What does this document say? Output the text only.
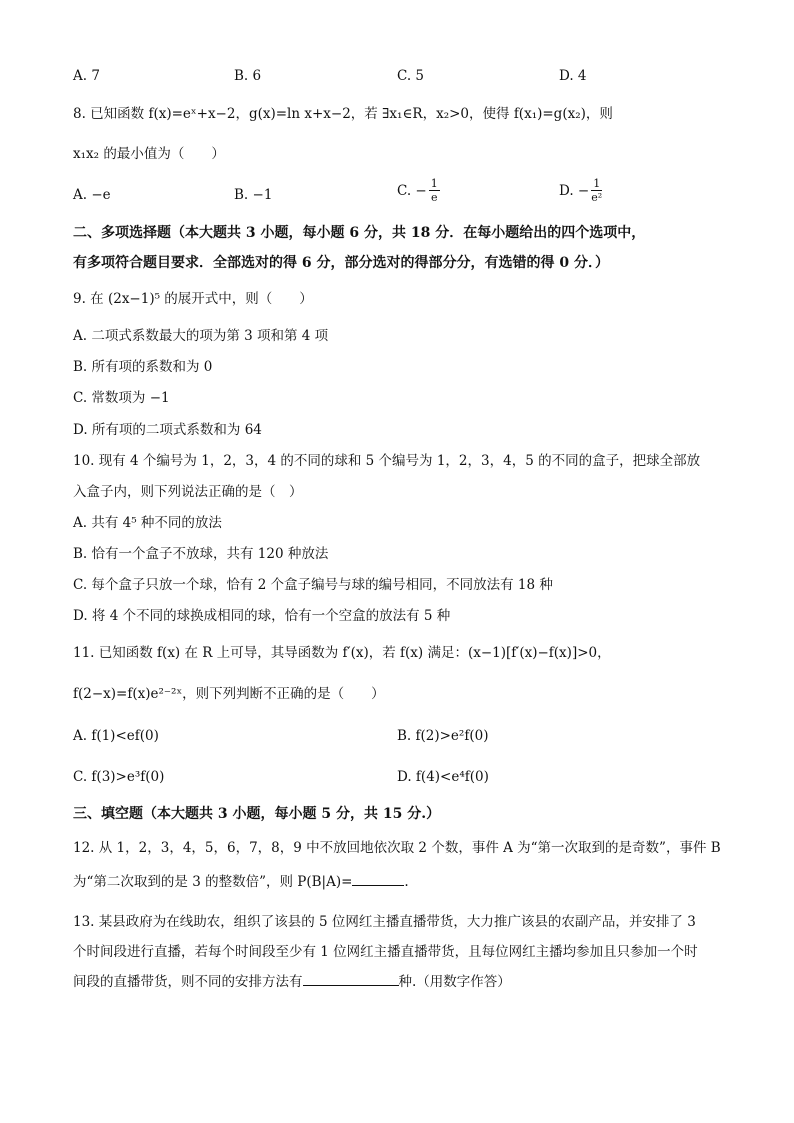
A. 7	B. 6	C. 5	D. 4
8. 已知函数 f(x)=eˣ+x−2，g(x)=ln x+x−2，若 ∃x₁∈R，x₂>0，使得 f(x₁)=g(x₂)，则
x₁x₂ 的最小值为（　　）
A. −e	B. −1	C. − $\frac{1}{e}$	D. − $\frac{1}{\text{e²}}$
二、多项选择题（本大题共 3 小题，每小题 6 分，共 18 分．在每小题给出的四个选项中，
有多项符合题目要求．全部选对的得 6 分，部分选对的得部分分，有选错的得 0 分．）
9. 在 (2x−1)⁵ 的展开式中，则（　　）
A. 二项式系数最大的项为第 3 项和第 4 项
B. 所有项的系数和为 0
C. 常数项为 −1
D. 所有项的二项式系数和为 64
10. 现有 4 个编号为 1，2，3，4 的不同的球和 5 个编号为 1，2，3，4，5 的不同的盒子，把球全部放
入盒子内，则下列说法正确的是（　）
A. 共有 4⁵ 种不同的放法
B. 恰有一个盒子不放球，共有 120 种放法
C. 每个盒子只放一个球，恰有 2 个盒子编号与球的编号相同，不同放法有 18 种
D. 将 4 个不同的球换成相同的球，恰有一个空盒的放法有 5 种
11. 已知函数 f(x) 在 R 上可导，其导函数为 f′(x)，若 f(x) 满足：(x−1)[f′(x)−f(x)]>0，
f(2−x)=f(x)e²⁻²ˣ，则下列判断不正确的是（　　）
A. f(1)<ef(0)	B. f(2)>e²f(0)
C. f(3)>e³f(0)	D. f(4)<e⁴f(0)
三、填空题（本大题共 3 小题，每小题 5 分，共 15 分.）
12. 从 1，2，3，4，5，6，7，8，9 中不放回地依次取 2 个数，事件 A 为“第一次取到的是奇数”，事件 B
为“第二次取到的是 3 的整数倍”，则 P(B|A)=	.
13. 某县政府为在线助农，组织了该县的 5 位网红主播直播带货，大力推广该县的农副产品，并安排了 3
个时间段进行直播，若每个时间段至少有 1 位网红主播直播带货，且每位网红主播均参加且只参加一个时
间段的直播带货，则不同的安排方法有	种.（用数字作答）
